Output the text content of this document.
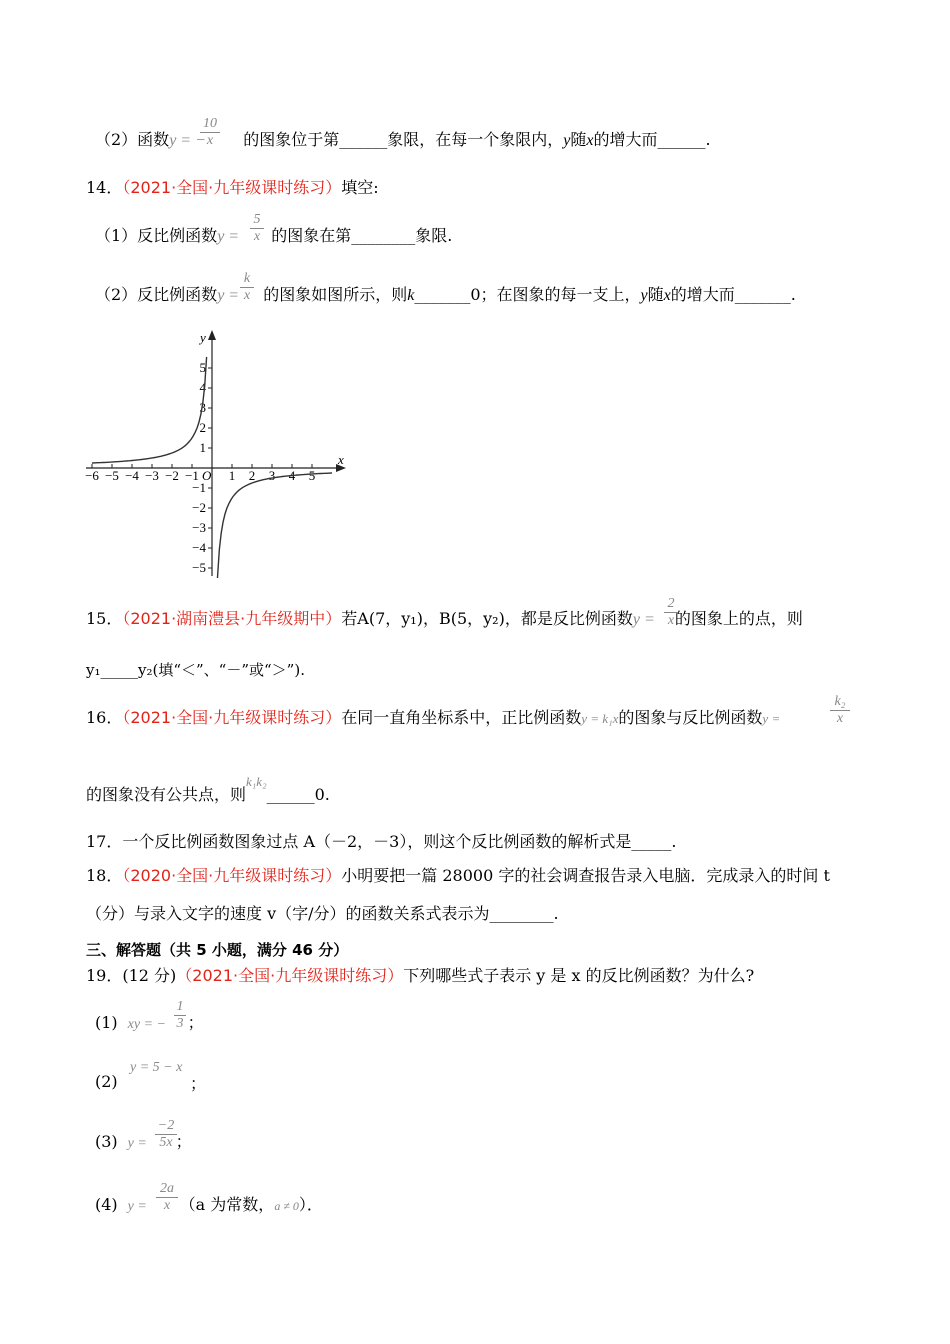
（2）函数y = − 的图象位于第______象限，在每一个象限内，y随x的增大而______.
10
x
14．（2021·全国·九年级课时练习）填空:
（1）反比例函数y = 的图象在第________象限.
5
x
（2）反比例函数y = 的图象如图所示，则k_______0；在图象的每一支上，y随x的增大而_______.
k
x
y
x
O
−6 −5 −4 −3 −2 −1 1 2 3 4 5
5
4
3
2
1
−1
−2
−3
−4
−5
15．（2021·湖南澧县·九年级期中）若A(7，y₁)，B(5，y₂)，都是反比例函数y = 的图象上的点，则
2
x
y₁_____y₂(填“＜”、“－”或“＞”).
16．（2021·全国·九年级课时练习）在同一直角坐标系中，正比例函数y = k₁x的图象与反比例函数y =
k₂
x
的图象没有公共点，则$^{k_1k_2}$______0.
17．一个反比例函数图象过点 A（－2，－3），则这个反比例函数的解析式是_____.
18．（2020·全国·九年级课时练习）小明要把一篇 28000 字的社会调查报告录入电脑．完成录入的时间 t
（分）与录入文字的速度 v（字/分）的函数关系式表示为________.
三、解答题（共 5 小题，满分 46 分）
19．(12 分)（2021·全国·九年级课时练习）下列哪些式子表示 y 是 x 的反比例函数？为什么?
(1) xy = − ；
1
3
(2)
y = 5 − x
；
(3) y = ；
−2
5x
(4) y = （a 为常数，a ≠ 0）．
2a
x
